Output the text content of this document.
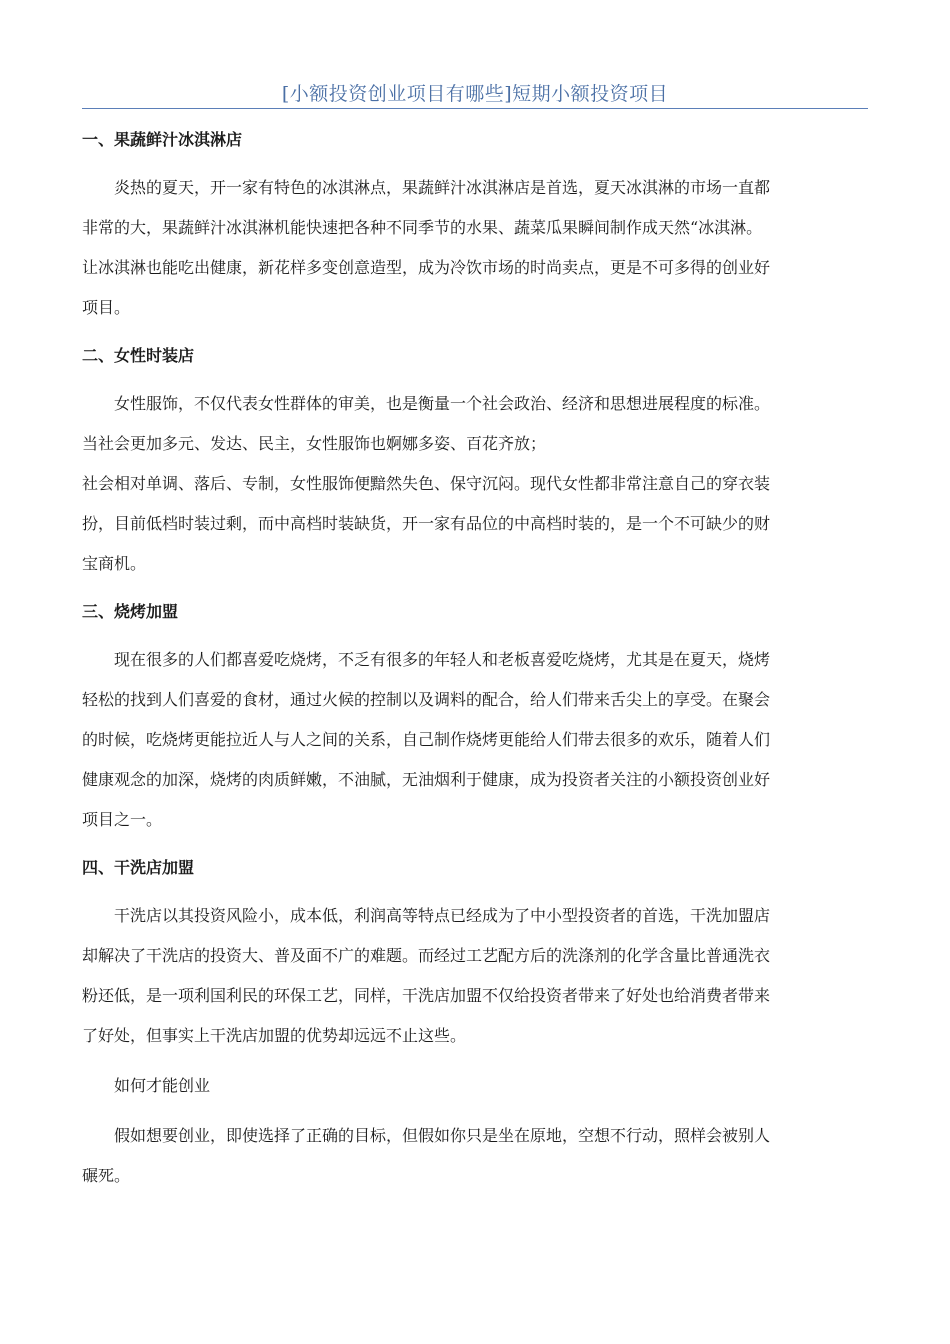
[小额投资创业项目有哪些]短期小额投资项目
一、果蔬鲜汁冰淇淋店
炎热的夏天，开一家有特色的冰淇淋点，果蔬鲜汁冰淇淋店是首选，夏天冰淇淋的市场一直都
非常的大，果蔬鲜汁冰淇淋机能快速把各种不同季节的水果、蔬菜瓜果瞬间制作成天然“冰淇淋。
让冰淇淋也能吃出健康，新花样多变创意造型，成为冷饮市场的时尚卖点，更是不可多得的创业好
项目。
二、女性时装店
女性服饰，不仅代表女性群体的审美，也是衡量一个社会政治、经济和思想进展程度的标准。
当社会更加多元、发达、民主，女性服饰也婀娜多姿、百花齐放；
社会相对单调、落后、专制，女性服饰便黯然失色、保守沉闷。现代女性都非常注意自己的穿衣装
扮，目前低档时装过剩，而中高档时装缺货，开一家有品位的中高档时装的，是一个不可缺少的财
宝商机。
三、烧烤加盟
现在很多的人们都喜爱吃烧烤，不乏有很多的年轻人和老板喜爱吃烧烤，尤其是在夏天，烧烤
轻松的找到人们喜爱的食材，通过火候的控制以及调料的配合，给人们带来舌尖上的享受。在聚会
的时候，吃烧烤更能拉近人与人之间的关系，自己制作烧烤更能给人们带去很多的欢乐，随着人们
健康观念的加深，烧烤的肉质鲜嫩，不油腻，无油烟利于健康，成为投资者关注的小额投资创业好
项目之一。
四、干洗店加盟
干洗店以其投资风险小，成本低，利润高等特点已经成为了中小型投资者的首选，干洗加盟店
却解决了干洗店的投资大、普及面不广的难题。而经过工艺配方后的洗涤剂的化学含量比普通洗衣
粉还低，是一项利国利民的环保工艺，同样，干洗店加盟不仅给投资者带来了好处也给消费者带来
了好处，但事实上干洗店加盟的优势却远远不止这些。
如何才能创业
假如想要创业，即使选择了正确的目标，但假如你只是坐在原地，空想不行动，照样会被别人
碾死。
